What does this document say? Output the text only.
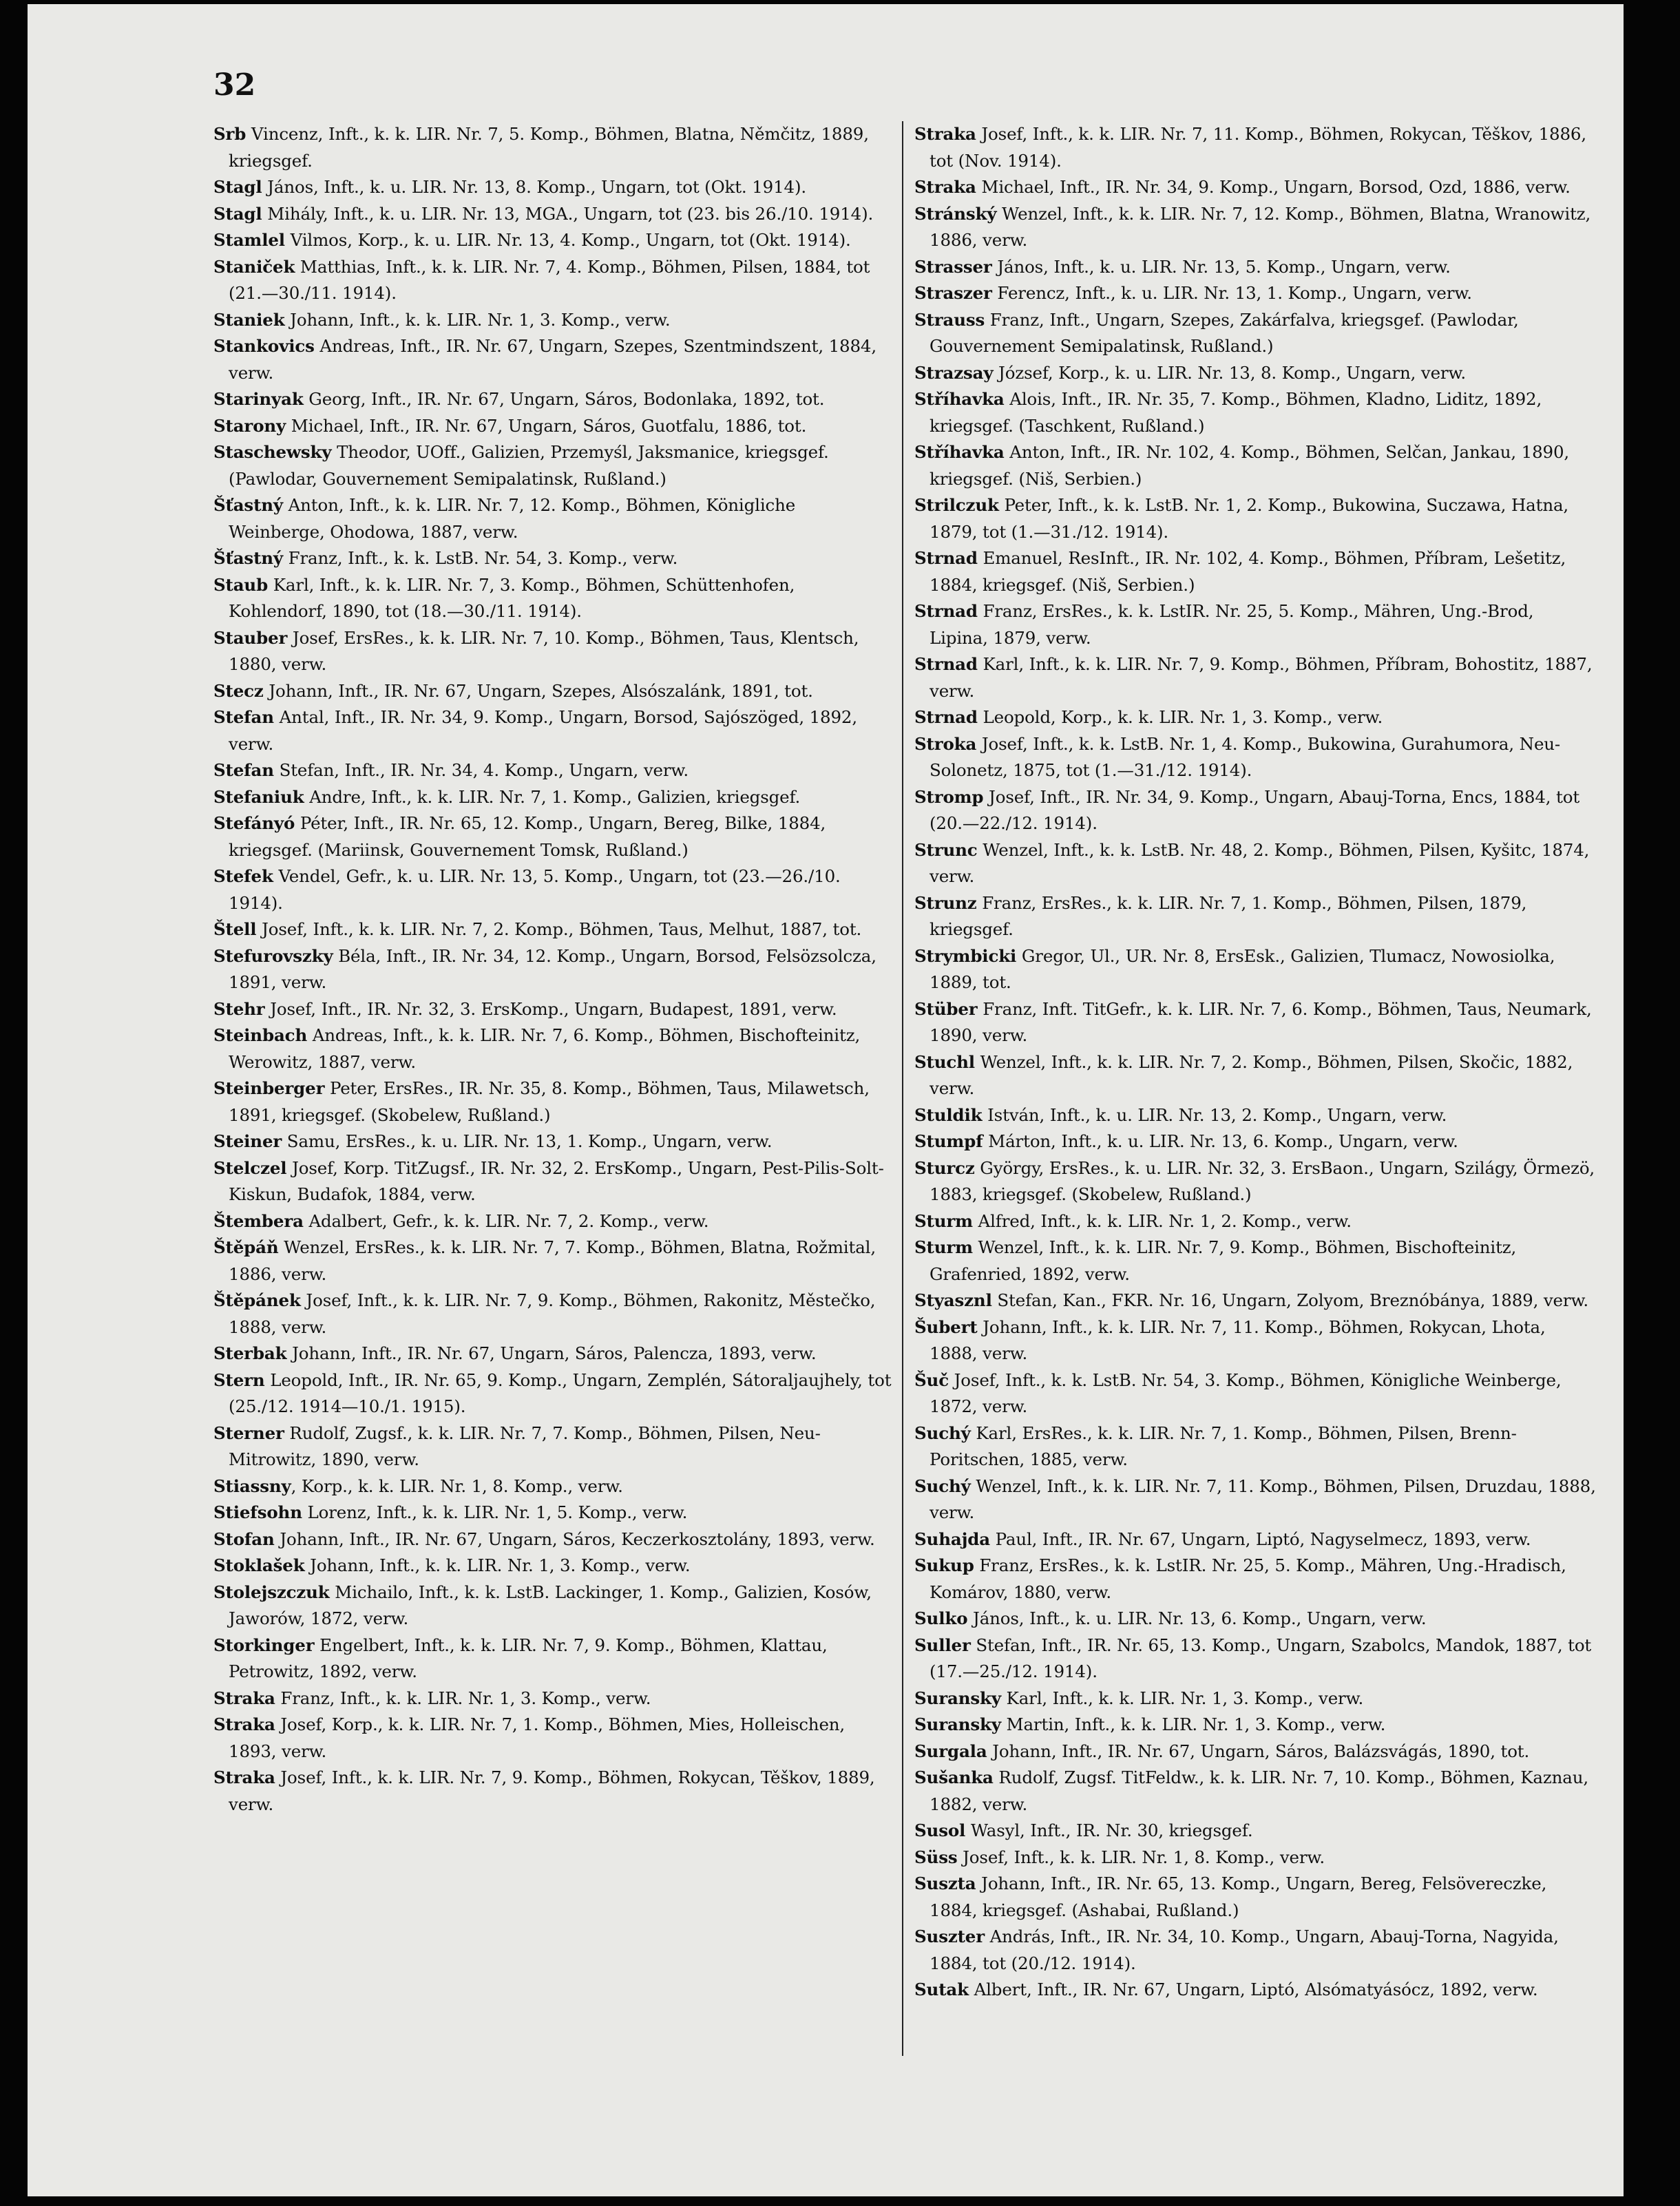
32

Srb Vincenz, Inft., k. k. LIR. Nr. 7, 5. Komp., Böhmen, Blatna, Němčitz, 1889, kriegsgef.

Stagl János, Inft., k. u. LIR. Nr. 13, 8. Komp., Ungarn, tot (Okt. 1914).

Stagl Mihály, Inft., k. u. LIR. Nr. 13, MGA., Ungarn, tot (23. bis 26./10. 1914).

Stamlel Vilmos, Korp., k. u. LIR. Nr. 13, 4. Komp., Ungarn, tot (Okt. 1914).

Staniček Matthias, Inft., k. k. LIR. Nr. 7, 4. Komp., Böhmen, Pilsen, 1884, tot (21.—30./11. 1914).

Staniek Johann, Inft., k. k. LIR. Nr. 1, 3. Komp., verw.

Stankovics Andreas, Inft., IR. Nr. 67, Ungarn, Szepes, Szentmindszent, 1884, verw.

Starinyak Georg, Inft., IR. Nr. 67, Ungarn, Sáros, Bodonlaka, 1892, tot.

Starony Michael, Inft., IR. Nr. 67, Ungarn, Sáros, Guotfalu, 1886, tot.

Staschewsky Theodor, UOff., Galizien, Przemyśl, Jaksmanice, kriegsgef. (Pawlodar, Gouvernement Semipalatinsk, Rußland.)

Šťastný Anton, Inft., k. k. LIR. Nr. 7, 12. Komp., Böhmen, Königliche Weinberge, Ohodowa, 1887, verw.

Šťastný Franz, Inft., k. k. LstB. Nr. 54, 3. Komp., verw.

Staub Karl, Inft., k. k. LIR. Nr. 7, 3. Komp., Böhmen, Schüttenhofen, Kohlendorf, 1890, tot (18.—30./11. 1914).

Stauber Josef, ErsRes., k. k. LIR. Nr. 7, 10. Komp., Böhmen, Taus, Klentsch, 1880, verw.

Stecz Johann, Inft., IR. Nr. 67, Ungarn, Szepes, Alsószalánk, 1891, tot.

Stefan Antal, Inft., IR. Nr. 34, 9. Komp., Ungarn, Borsod, Sajószöged, 1892, verw.

Stefan Stefan, Inft., IR. Nr. 34, 4. Komp., Ungarn, verw.

Stefaniuk Andre, Inft., k. k. LIR. Nr. 7, 1. Komp., Galizien, kriegsgef.

Stefányó Péter, Inft., IR. Nr. 65, 12. Komp., Ungarn, Bereg, Bilke, 1884, kriegsgef. (Mariinsk, Gouvernement Tomsk, Rußland.)

Stefek Vendel, Gefr., k. u. LIR. Nr. 13, 5. Komp., Ungarn, tot (23.—26./10. 1914).

Štell Josef, Inft., k. k. LIR. Nr. 7, 2. Komp., Böhmen, Taus, Melhut, 1887, tot.

Stefurovszky Béla, Inft., IR. Nr. 34, 12. Komp., Ungarn, Borsod, Felsözsolcza, 1891, verw.

Stehr Josef, Inft., IR. Nr. 32, 3. ErsKomp., Ungarn, Budapest, 1891, verw.

Steinbach Andreas, Inft., k. k. LIR. Nr. 7, 6. Komp., Böhmen, Bischofteinitz, Werowitz, 1887, verw.

Steinberger Peter, ErsRes., IR. Nr. 35, 8. Komp., Böhmen, Taus, Milawetsch, 1891, kriegsgef. (Skobelew, Rußland.)

Steiner Samu, ErsRes., k. u. LIR. Nr. 13, 1. Komp., Ungarn, verw.

Stelczel Josef, Korp. TitZugsf., IR. Nr. 32, 2. ErsKomp., Ungarn, Pest-Pilis-Solt-Kiskun, Budafok, 1884, verw.

Štembera Adalbert, Gefr., k. k. LIR. Nr. 7, 2. Komp., verw.

Štěpáň Wenzel, ErsRes., k. k. LIR. Nr. 7, 7. Komp., Böhmen, Blatna, Rožmital, 1886, verw.

Štěpánek Josef, Inft., k. k. LIR. Nr. 7, 9. Komp., Böhmen, Rakonitz, Městečko, 1888, verw.

Sterbak Johann, Inft., IR. Nr. 67, Ungarn, Sáros, Palencza, 1893, verw.

Stern Leopold, Inft., IR. Nr. 65, 9. Komp., Ungarn, Zemplén, Sátoraljaujhely, tot (25./12. 1914—10./1. 1915).

Sterner Rudolf, Zugsf., k. k. LIR. Nr. 7, 7. Komp., Böhmen, Pilsen, Neu-Mitrowitz, 1890, verw.

Stiassny, Korp., k. k. LIR. Nr. 1, 8. Komp., verw.

Stiefsohn Lorenz, Inft., k. k. LIR. Nr. 1, 5. Komp., verw.

Stofan Johann, Inft., IR. Nr. 67, Ungarn, Sáros, Keczerkosztolány, 1893, verw.

Stoklašek Johann, Inft., k. k. LIR. Nr. 1, 3. Komp., verw.

Stolejszczuk Michailo, Inft., k. k. LstB. Lackinger, 1. Komp., Galizien, Kosów, Jaworów, 1872, verw.

Storkinger Engelbert, Inft., k. k. LIR. Nr. 7, 9. Komp., Böhmen, Klattau, Petrowitz, 1892, verw.

Straka Franz, Inft., k. k. LIR. Nr. 1, 3. Komp., verw.

Straka Josef, Korp., k. k. LIR. Nr. 7, 1. Komp., Böhmen, Mies, Holleischen, 1893, verw.

Straka Josef, Inft., k. k. LIR. Nr. 7, 9. Komp., Böhmen, Rokycan, Těškov, 1889, verw.

Straka Josef, Inft., k. k. LIR. Nr. 7, 11. Komp., Böhmen, Rokycan, Těškov, 1886, tot (Nov. 1914).

Straka Michael, Inft., IR. Nr. 34, 9. Komp., Ungarn, Borsod, Ozd, 1886, verw.

Stránský Wenzel, Inft., k. k. LIR. Nr. 7, 12. Komp., Böhmen, Blatna, Wranowitz, 1886, verw.

Strasser János, Inft., k. u. LIR. Nr. 13, 5. Komp., Ungarn, verw.

Straszer Ferencz, Inft., k. u. LIR. Nr. 13, 1. Komp., Ungarn, verw.

Strauss Franz, Inft., Ungarn, Szepes, Zakárfalva, kriegsgef. (Pawlodar, Gouvernement Semipalatinsk, Rußland.)

Strazsay József, Korp., k. u. LIR. Nr. 13, 8. Komp., Ungarn, verw.

Stříhavka Alois, Inft., IR. Nr. 35, 7. Komp., Böhmen, Kladno, Liditz, 1892, kriegsgef. (Taschkent, Rußland.)

Stříhavka Anton, Inft., IR. Nr. 102, 4. Komp., Böhmen, Selčan, Jankau, 1890, kriegsgef. (Niš, Serbien.)

Strilczuk Peter, Inft., k. k. LstB. Nr. 1, 2. Komp., Bukowina, Suczawa, Hatna, 1879, tot (1.—31./12. 1914).

Strnad Emanuel, ResInft., IR. Nr. 102, 4. Komp., Böhmen, Příbram, Lešetitz, 1884, kriegsgef. (Niš, Serbien.)

Strnad Franz, ErsRes., k. k. LstIR. Nr. 25, 5. Komp., Mähren, Ung.-Brod, Lipina, 1879, verw.

Strnad Karl, Inft., k. k. LIR. Nr. 7, 9. Komp., Böhmen, Příbram, Bohostitz, 1887, verw.

Strnad Leopold, Korp., k. k. LIR. Nr. 1, 3. Komp., verw.

Stroka Josef, Inft., k. k. LstB. Nr. 1, 4. Komp., Bukowina, Gurahumora, Neu-Solonetz, 1875, tot (1.—31./12. 1914).

Stromp Josef, Inft., IR. Nr. 34, 9. Komp., Ungarn, Abauj-Torna, Encs, 1884, tot (20.—22./12. 1914).

Strunc Wenzel, Inft., k. k. LstB. Nr. 48, 2. Komp., Böhmen, Pilsen, Kyšitc, 1874, verw.

Strunz Franz, ErsRes., k. k. LIR. Nr. 7, 1. Komp., Böhmen, Pilsen, 1879, kriegsgef.

Strymbicki Gregor, Ul., UR. Nr. 8, ErsEsk., Galizien, Tlumacz, Nowosiolka, 1889, tot.

Stüber Franz, Inft. TitGefr., k. k. LIR. Nr. 7, 6. Komp., Böhmen, Taus, Neumark, 1890, verw.

Stuchl Wenzel, Inft., k. k. LIR. Nr. 7, 2. Komp., Böhmen, Pilsen, Skočic, 1882, verw.

Stuldik István, Inft., k. u. LIR. Nr. 13, 2. Komp., Ungarn, verw.

Stumpf Márton, Inft., k. u. LIR. Nr. 13, 6. Komp., Ungarn, verw.

Sturcz György, ErsRes., k. u. LIR. Nr. 32, 3. ErsBaon., Ungarn, Szilágy, Örmezö, 1883, kriegsgef. (Skobelew, Rußland.)

Sturm Alfred, Inft., k. k. LIR. Nr. 1, 2. Komp., verw.

Sturm Wenzel, Inft., k. k. LIR. Nr. 7, 9. Komp., Böhmen, Bischofteinitz, Grafenried, 1892, verw.

Styasznl Stefan, Kan., FKR. Nr. 16, Ungarn, Zolyom, Breznóbánya, 1889, verw.

Šubert Johann, Inft., k. k. LIR. Nr. 7, 11. Komp., Böhmen, Rokycan, Lhota, 1888, verw.

Šuč Josef, Inft., k. k. LstB. Nr. 54, 3. Komp., Böhmen, Königliche Weinberge, 1872, verw.

Suchý Karl, ErsRes., k. k. LIR. Nr. 7, 1. Komp., Böhmen, Pilsen, Brenn-Poritschen, 1885, verw.

Suchý Wenzel, Inft., k. k. LIR. Nr. 7, 11. Komp., Böhmen, Pilsen, Druzdau, 1888, verw.

Suhajda Paul, Inft., IR. Nr. 67, Ungarn, Liptó, Nagyselmecz, 1893, verw.

Sukup Franz, ErsRes., k. k. LstIR. Nr. 25, 5. Komp., Mähren, Ung.-Hradisch, Komárov, 1880, verw.

Sulko János, Inft., k. u. LIR. Nr. 13, 6. Komp., Ungarn, verw.

Suller Stefan, Inft., IR. Nr. 65, 13. Komp., Ungarn, Szabolcs, Mandok, 1887, tot (17.—25./12. 1914).

Suransky Karl, Inft., k. k. LIR. Nr. 1, 3. Komp., verw.

Suransky Martin, Inft., k. k. LIR. Nr. 1, 3. Komp., verw.

Surgala Johann, Inft., IR. Nr. 67, Ungarn, Sáros, Balázsvágás, 1890, tot.

Sušanka Rudolf, Zugsf. TitFeldw., k. k. LIR. Nr. 7, 10. Komp., Böhmen, Kaznau, 1882, verw.

Susol Wasyl, Inft., IR. Nr. 30, kriegsgef.

Süss Josef, Inft., k. k. LIR. Nr. 1, 8. Komp., verw.

Suszta Johann, Inft., IR. Nr. 65, 13. Komp., Ungarn, Bereg, Felsövereczke, 1884, kriegsgef. (Ashabai, Rußland.)

Suszter András, Inft., IR. Nr. 34, 10. Komp., Ungarn, Abauj-Torna, Nagyida, 1884, tot (20./12. 1914).

Sutak Albert, Inft., IR. Nr. 67, Ungarn, Liptó, Alsómatyásócz, 1892, verw.
